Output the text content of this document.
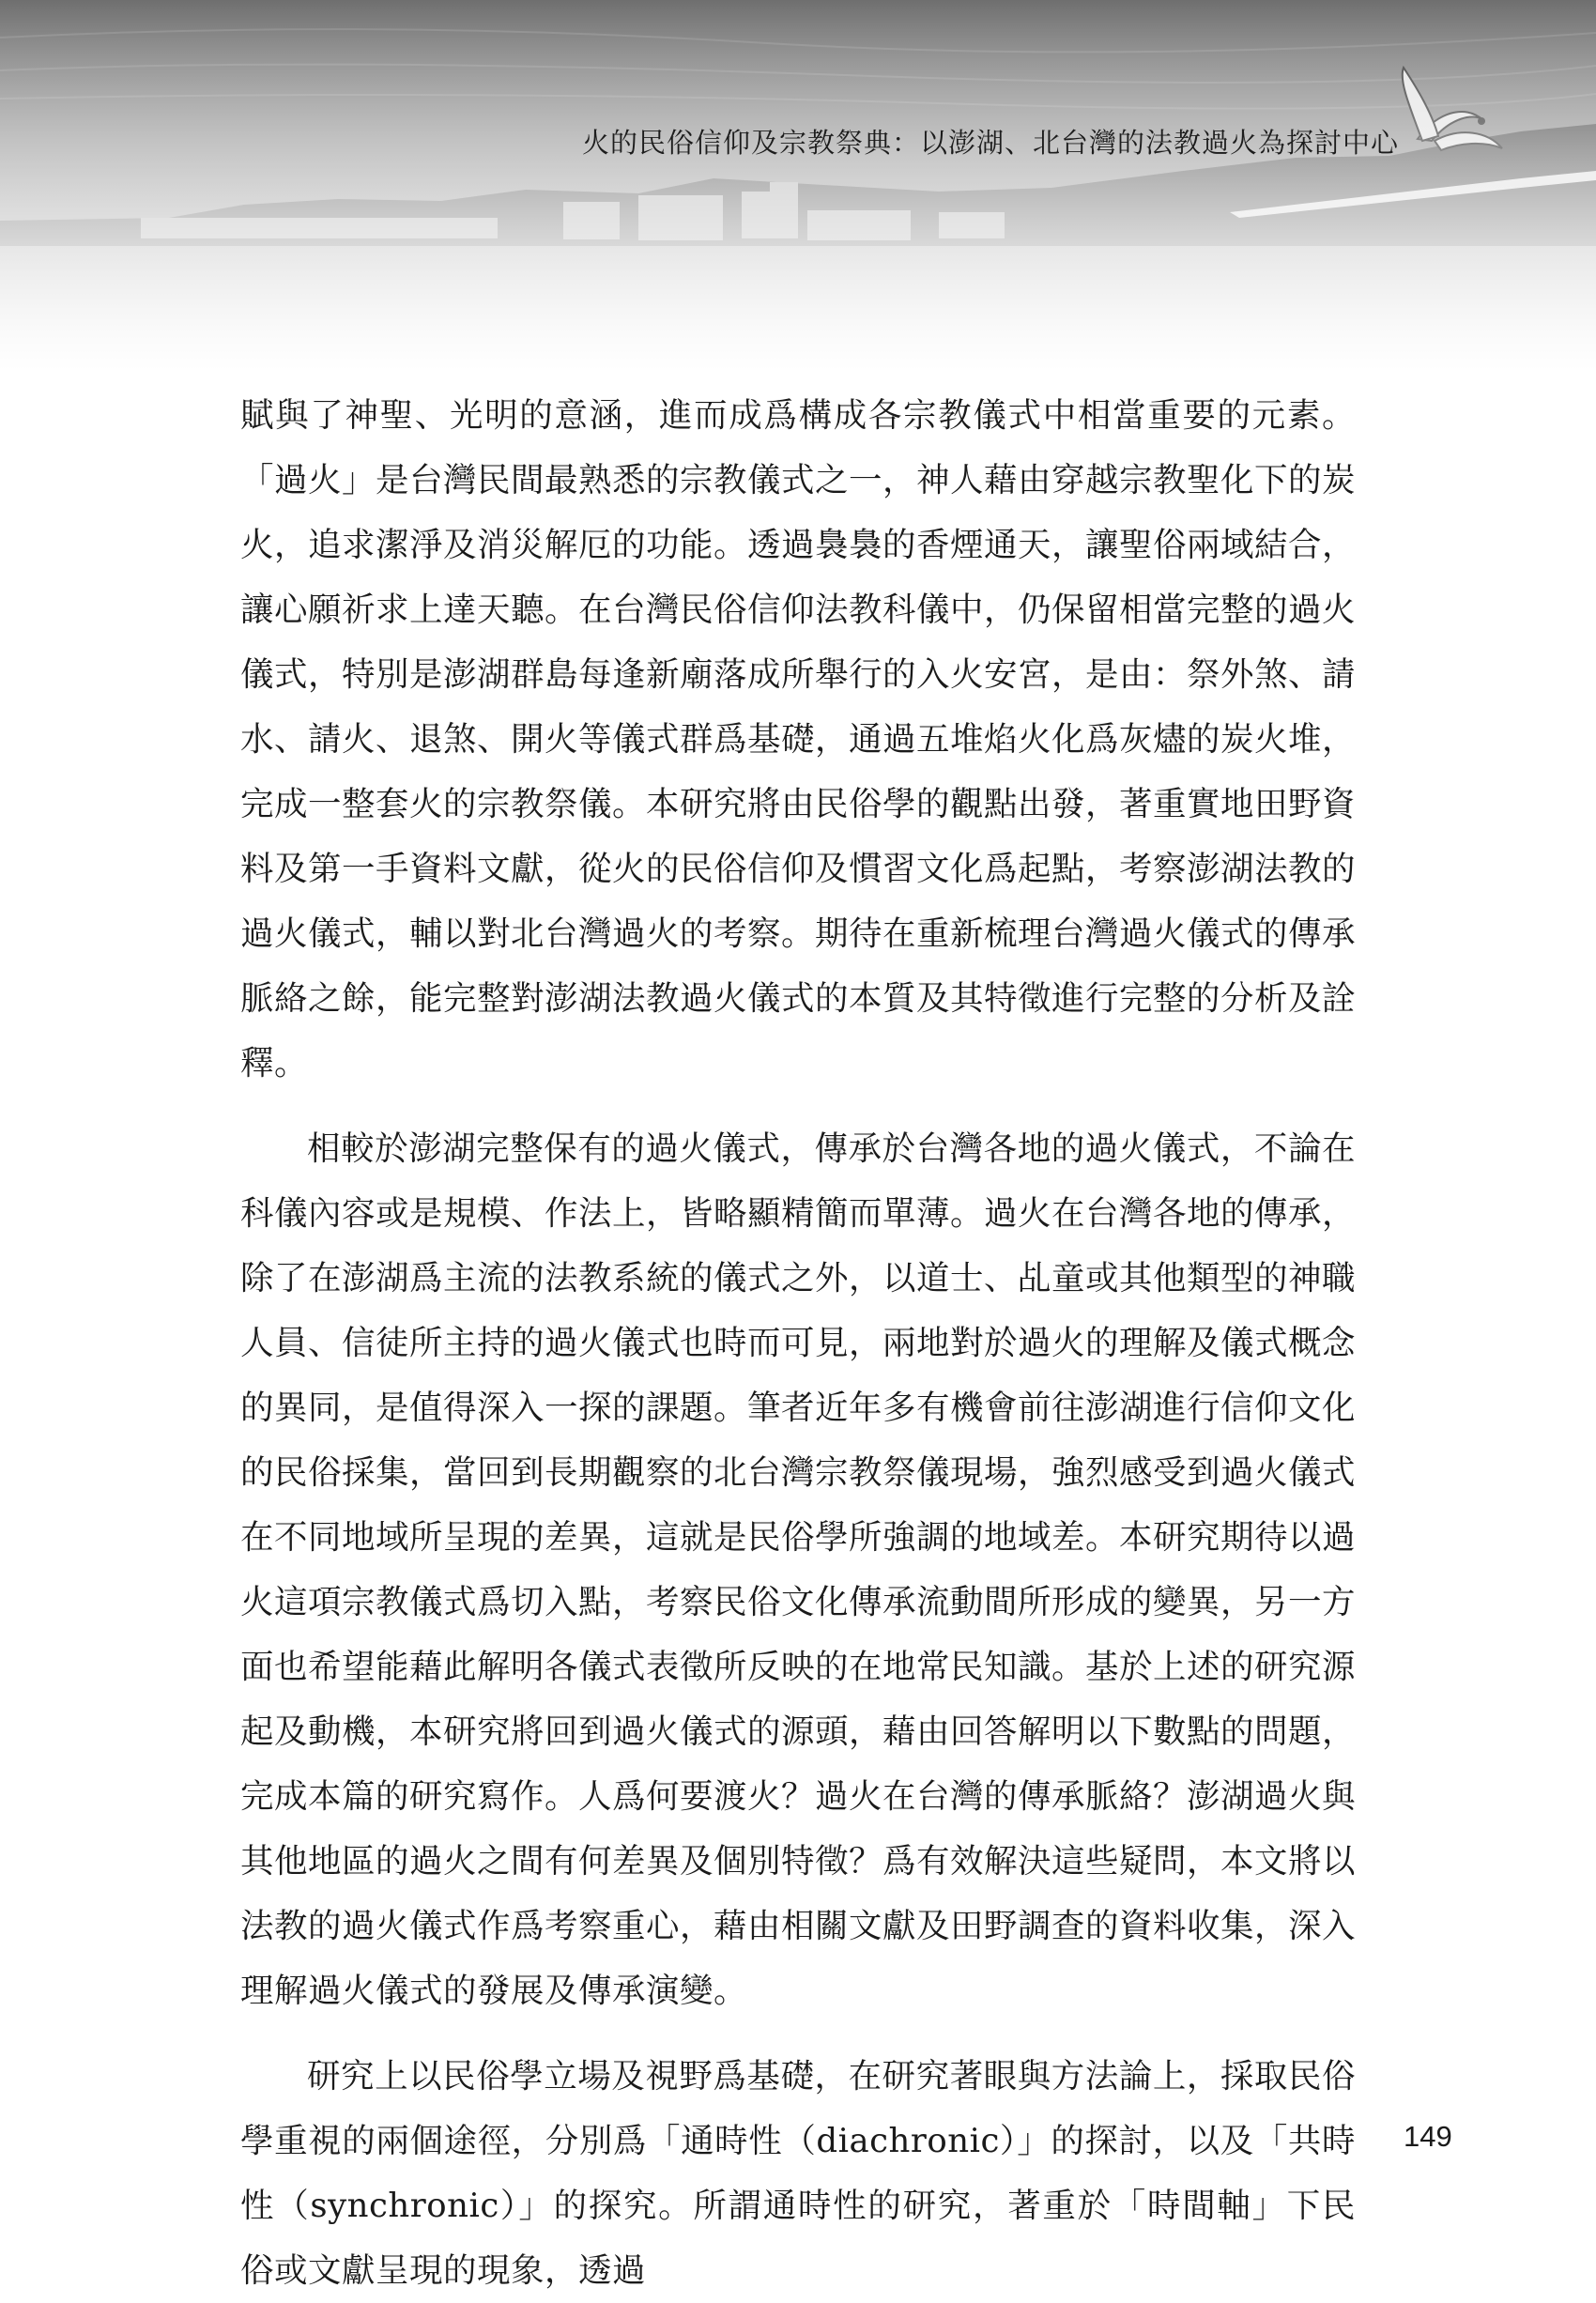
火的民俗信仰及宗教祭典：以澎湖、北台灣的法教過火為探討中心

賦與了神聖、光明的意涵，進而成爲構成各宗教儀式中相當重要的元素。「過火」是台灣民間最熟悉的宗教儀式之一，神人藉由穿越宗教聖化下的炭火，追求潔淨及消災解厄的功能。透過裊裊的香煙通天，讓聖俗兩域結合，讓心願祈求上達天聽。在台灣民俗信仰法教科儀中，仍保留相當完整的過火儀式，特別是澎湖群島每逢新廟落成所舉行的入火安宮，是由：祭外煞、請水、請火、退煞、開火等儀式群爲基礎，通過五堆焰火化爲灰燼的炭火堆，完成一整套火的宗教祭儀。本研究將由民俗學的觀點出發，著重實地田野資料及第一手資料文獻，從火的民俗信仰及慣習文化爲起點，考察澎湖法教的過火儀式，輔以對北台灣過火的考察。期待在重新梳理台灣過火儀式的傳承脈絡之餘，能完整對澎湖法教過火儀式的本質及其特徵進行完整的分析及詮釋。

相較於澎湖完整保有的過火儀式，傳承於台灣各地的過火儀式，不論在科儀內容或是規模、作法上，皆略顯精簡而單薄。過火在台灣各地的傳承，除了在澎湖爲主流的法教系統的儀式之外，以道士、乩童或其他類型的神職人員、信徒所主持的過火儀式也時而可見，兩地對於過火的理解及儀式概念的異同，是值得深入一探的課題。筆者近年多有機會前往澎湖進行信仰文化的民俗採集，當回到長期觀察的北台灣宗教祭儀現場，強烈感受到過火儀式在不同地域所呈現的差異，這就是民俗學所強調的地域差。本研究期待以過火這項宗教儀式爲切入點，考察民俗文化傳承流動間所形成的變異，另一方面也希望能藉此解明各儀式表徵所反映的在地常民知識。基於上述的研究源起及動機，本研究將回到過火儀式的源頭，藉由回答解明以下數點的問題，完成本篇的研究寫作。人爲何要渡火？過火在台灣的傳承脈絡？澎湖過火與其他地區的過火之間有何差異及個別特徵？爲有效解決這些疑問，本文將以法教的過火儀式作爲考察重心，藉由相關文獻及田野調查的資料收集，深入理解過火儀式的發展及傳承演變。

研究上以民俗學立場及視野爲基礎，在研究著眼與方法論上，採取民俗學重視的兩個途徑，分別爲「通時性（diachronic）」的探討，以及「共時性（synchronic）」的探究。所謂通時性的研究，著重於「時間軸」下民俗或文獻呈現的現象，透過

149
